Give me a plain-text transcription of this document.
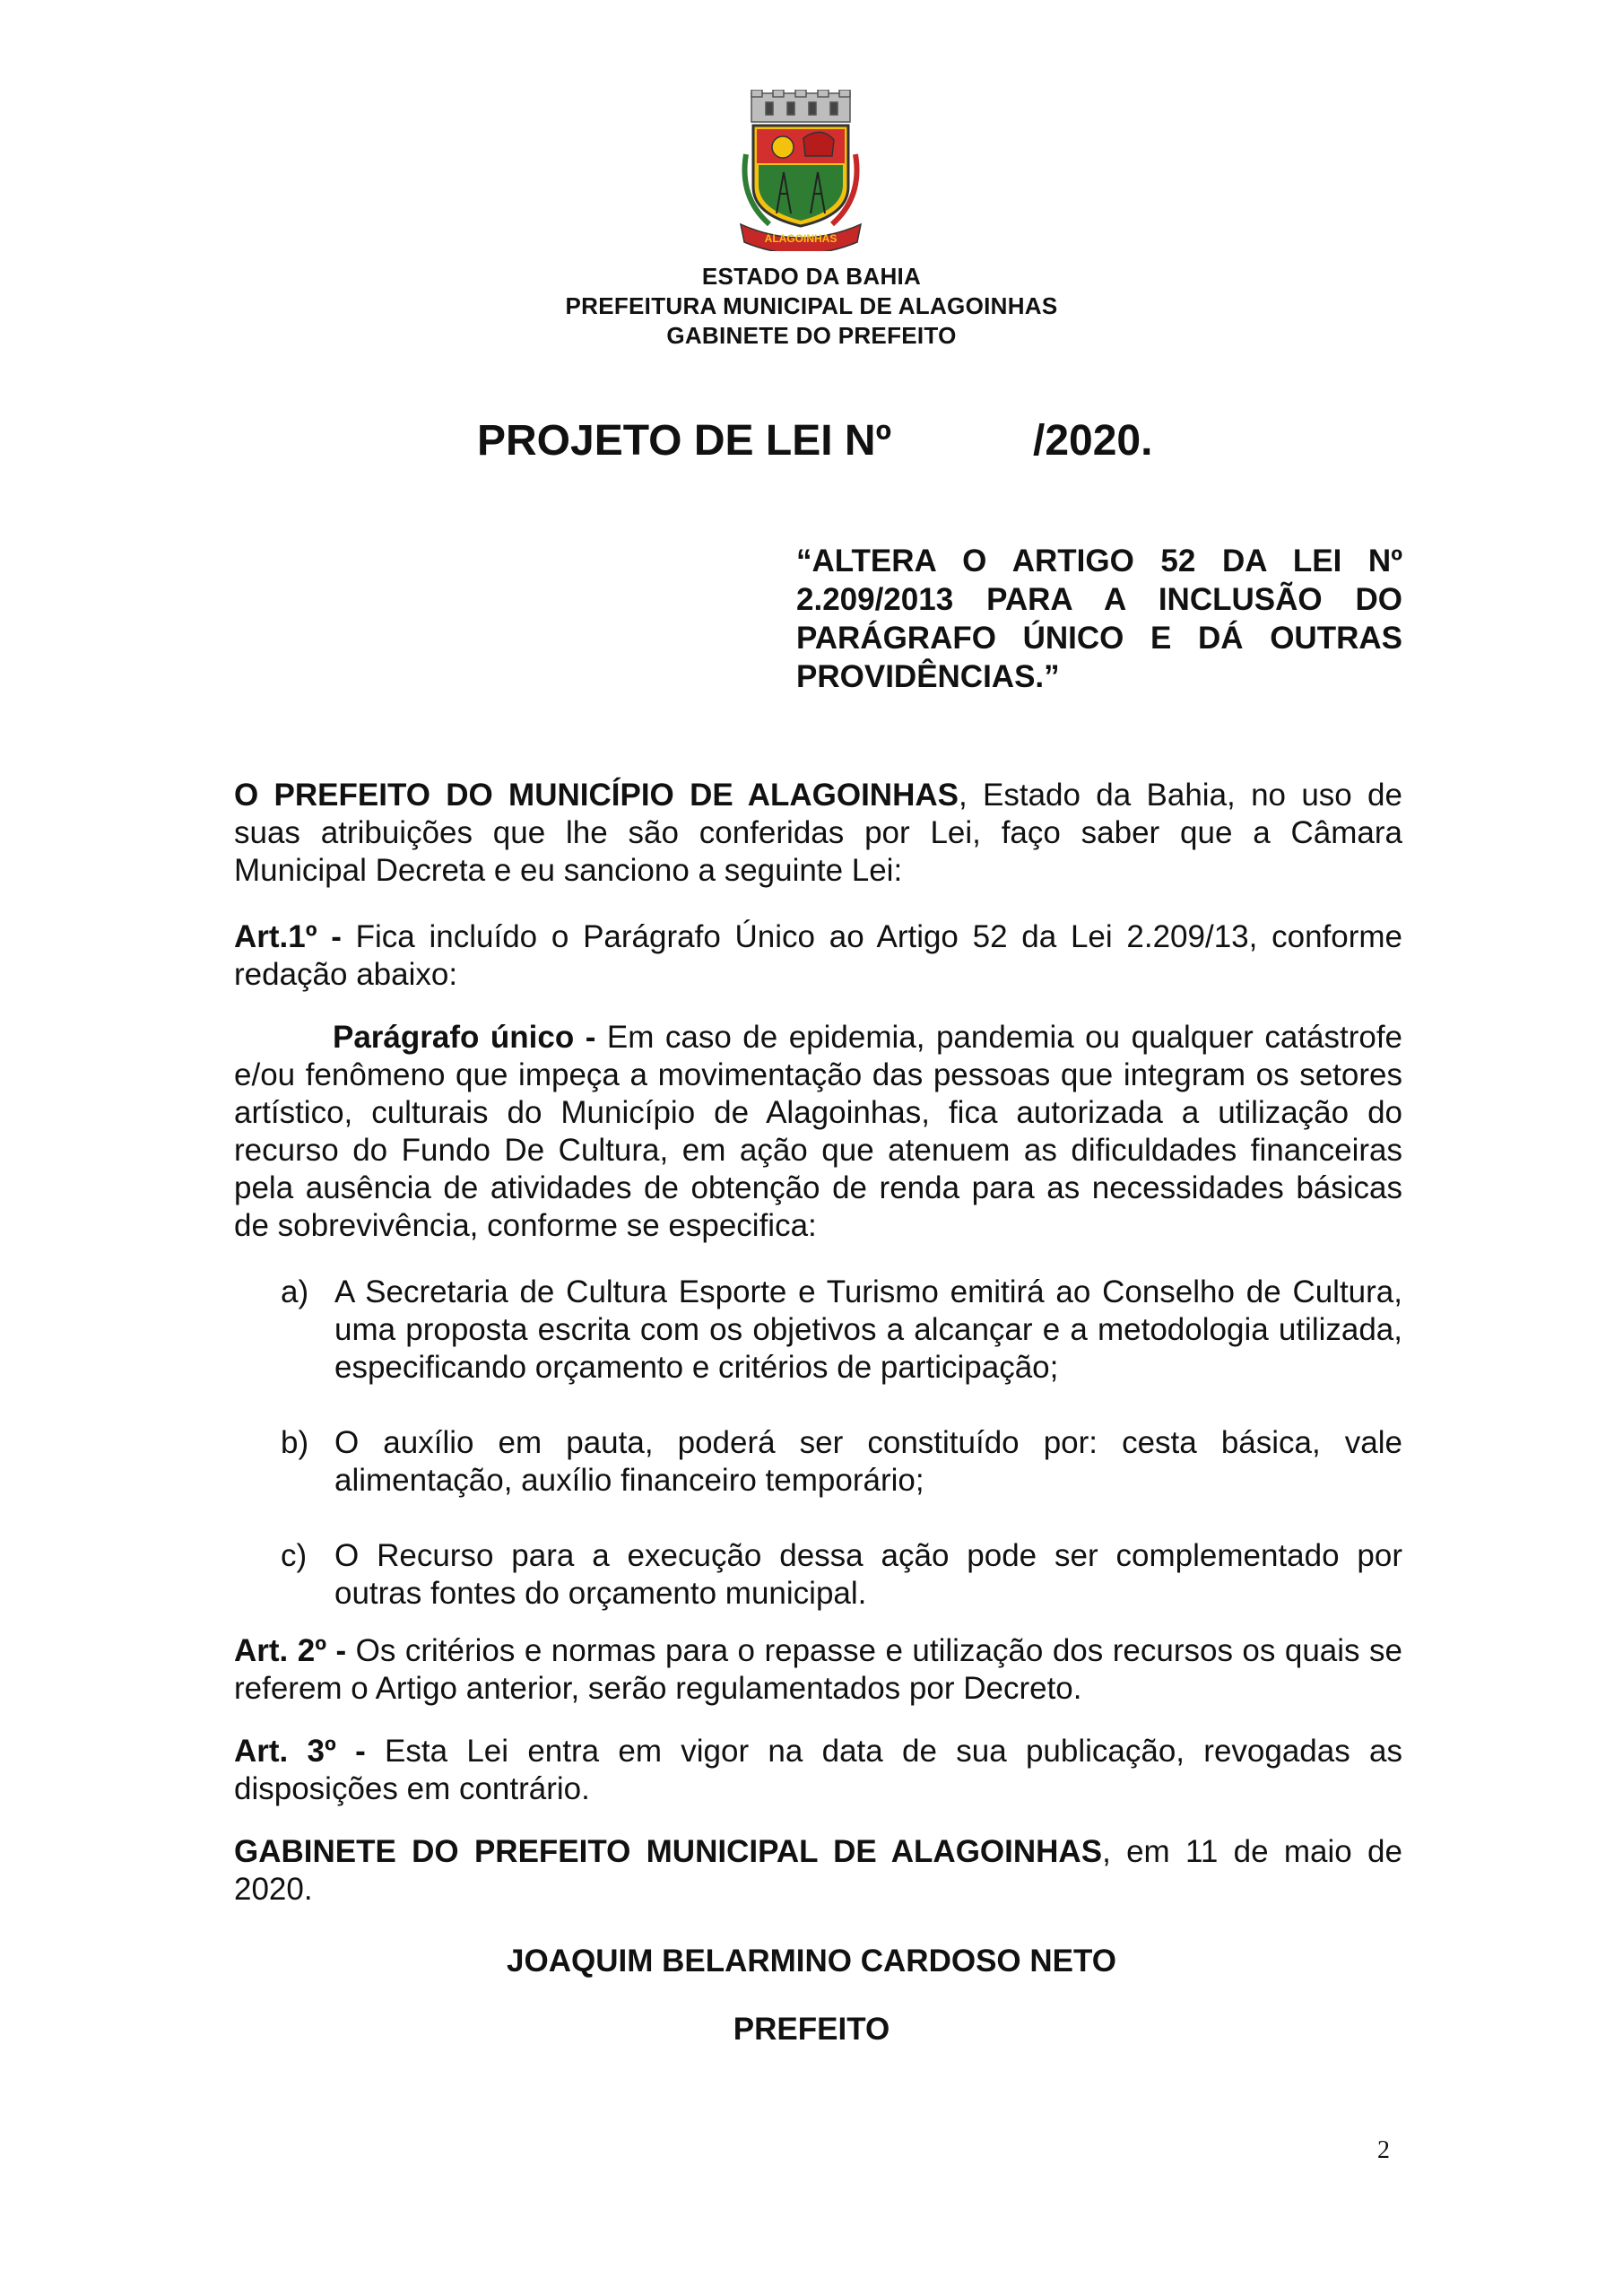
ALAGOINHAS
ESTADO DA BAHIA
PREFEITURA MUNICIPAL DE ALAGOINHAS
GABINETE DO PREFEITO
PROJETO DE LEI Nº	/2020.
“ALTERA O ARTIGO 52 DA LEI Nº 2.209/2013 PARA A INCLUSÃO DO PARÁGRAFO ÚNICO E DÁ OUTRAS PROVIDÊNCIAS.”
O PREFEITO DO MUNICÍPIO DE ALAGOINHAS, Estado da Bahia, no uso de suas atribuições que lhe são conferidas por Lei, faço saber que a Câmara Municipal Decreta e eu sanciono a seguinte Lei:
Art.1º - Fica incluído o Parágrafo Único ao Artigo 52 da Lei 2.209/13, conforme redação abaixo:
Parágrafo único - Em caso de epidemia, pandemia ou qualquer catástrofe e/ou fenômeno que impeça a movimentação das pessoas que integram os setores artístico, culturais do Município de Alagoinhas, fica autorizada a utilização do recurso do Fundo De Cultura, em ação que atenuem as dificuldades financeiras pela ausência de atividades de obtenção de renda para as necessidades básicas de sobrevivência, conforme se especifica:
a) A Secretaria de Cultura Esporte e Turismo emitirá ao Conselho de Cultura, uma proposta escrita com os objetivos a alcançar e a metodologia utilizada, especificando orçamento e critérios de participação;
b) O auxílio em pauta, poderá ser constituído por: cesta básica, vale alimentação, auxílio financeiro temporário;
c) O Recurso para a execução dessa ação pode ser complementado por outras fontes do orçamento municipal.
Art. 2º - Os critérios e normas para o repasse e utilização dos recursos os quais se referem o Artigo anterior, serão regulamentados por Decreto.
Art. 3º - Esta Lei entra em vigor na data de sua publicação, revogadas as disposições em contrário.
GABINETE DO PREFEITO MUNICIPAL DE ALAGOINHAS, em 11 de maio de 2020.
JOAQUIM BELARMINO CARDOSO NETO
PREFEITO
2
